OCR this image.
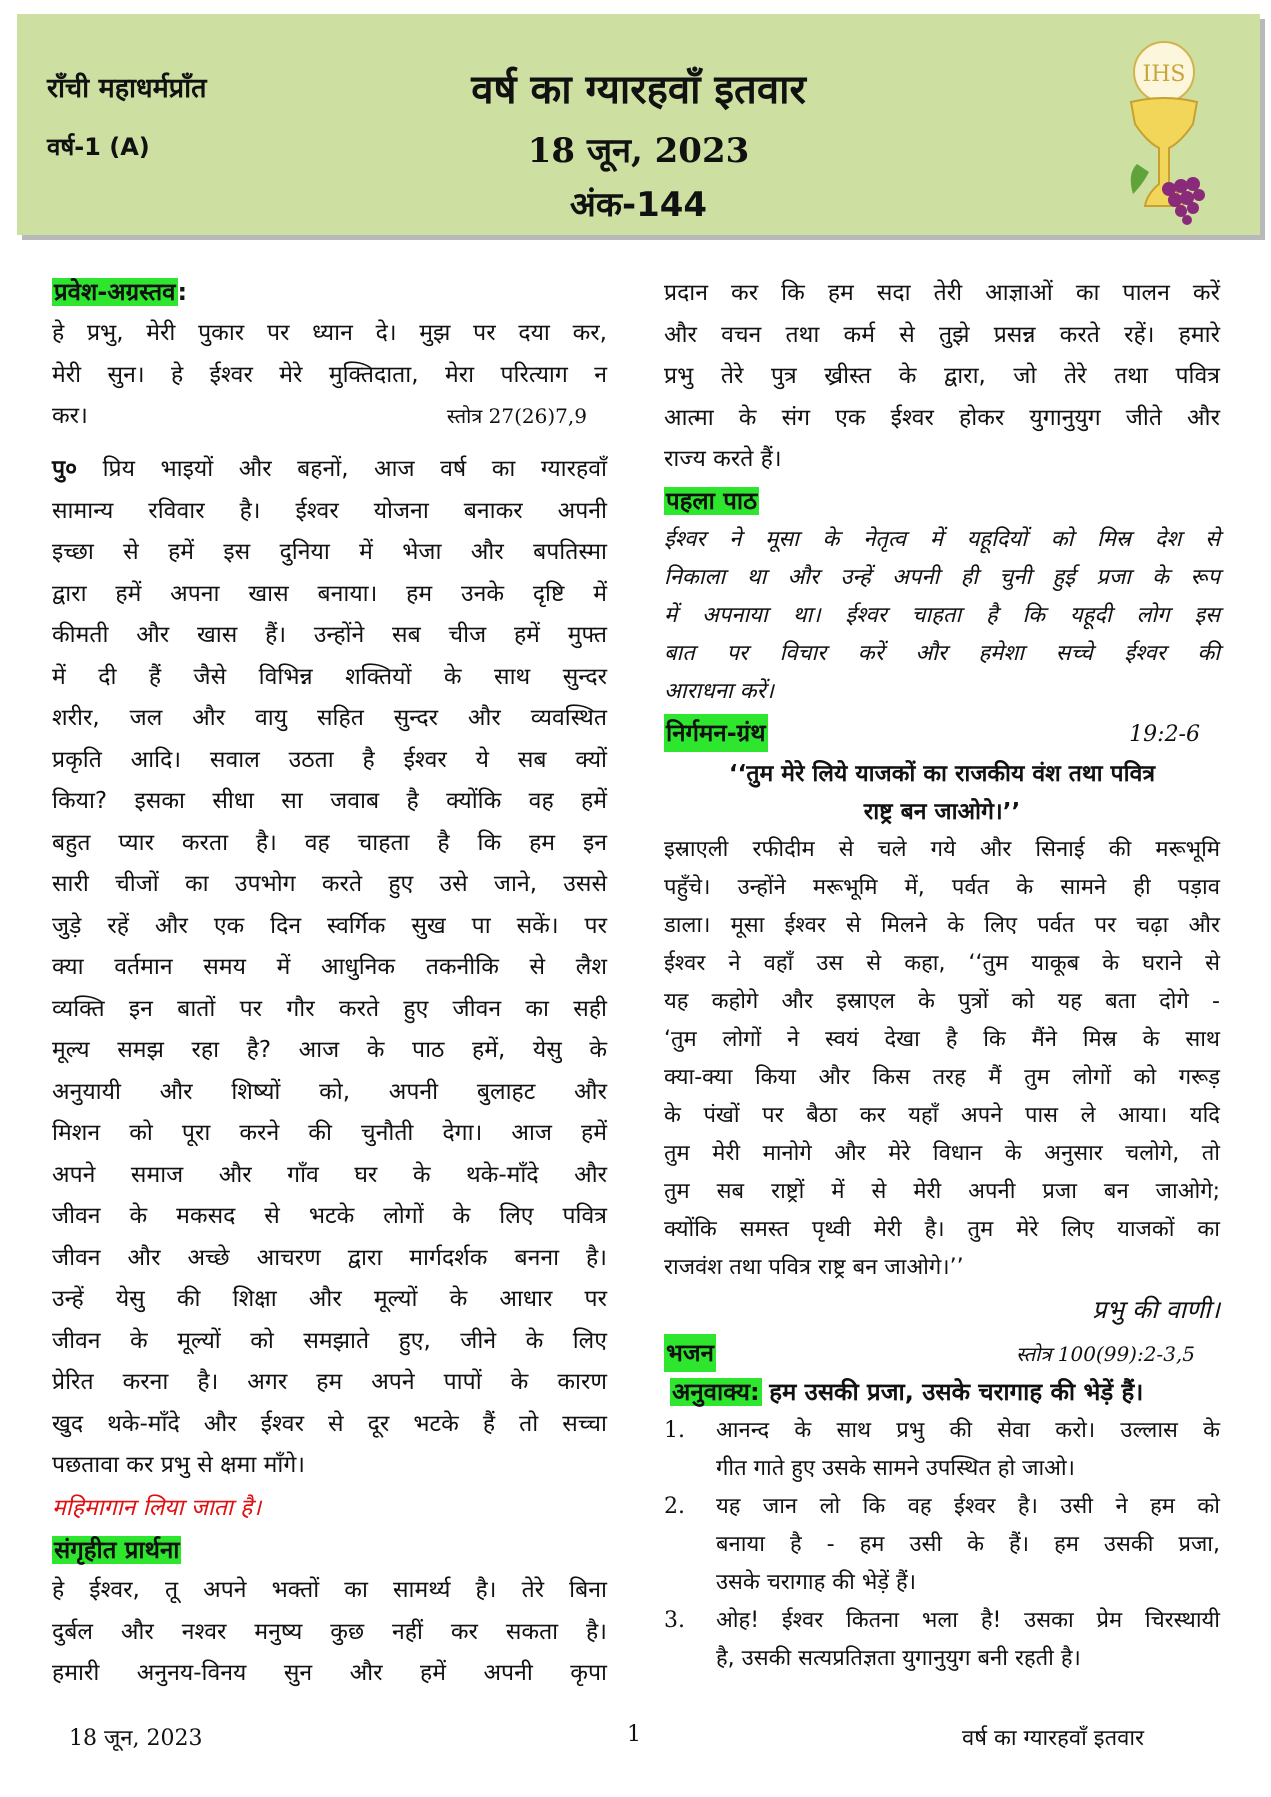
राँची महाधर्मप्राँत
वर्ष-1 (A)
वर्ष का ग्यारहवाँ इतवार
18 जून, 2023
अंक-144
IHS
प्रवेश-अग्रस्तव:
हे प्रभु, मेरी पुकार पर ध्यान दे। मुझ पर दया कर,
मेरी सुन। हे ईश्वर मेरे मुक्तिदाता, मेरा परित्याग न
कर।	स्तोत्र 27(26)7,9
पु० प्रिय भाइयों और बहनों, आज वर्ष का ग्यारहवाँ
सामान्य रविवार है। ईश्वर योजना बनाकर अपनी
इच्छा से हमें इस दुनिया में भेजा और बपतिस्मा
द्वारा हमें अपना खास बनाया। हम उनके दृष्टि में
कीमती और खास हैं। उन्होंने सब चीज हमें मुफ्त
में दी हैं जैसे विभिन्न शक्तियों के साथ सुन्दर
शरीर, जल और वायु सहित सुन्दर और व्यवस्थित
प्रकृति आदि। सवाल उठता है ईश्वर ये सब क्यों
किया? इसका सीधा सा जवाब है क्योंकि वह हमें
बहुत प्यार करता है। वह चाहता है कि हम इन
सारी चीजों का उपभोग करते हुए उसे जाने, उससे
जुड़े रहें और एक दिन स्वर्गिक सुख पा सकें। पर
क्या वर्तमान समय में आधुनिक तकनीकि से लैश
व्यक्ति इन बातों पर गौर करते हुए जीवन का सही
मूल्य समझ रहा है? आज के पाठ हमें, येसु के
अनुयायी और शिष्यों को, अपनी बुलाहट और
मिशन को पूरा करने की चुनौती देगा। आज हमें
अपने समाज और गाँव घर के थके-माँदे और
जीवन के मकसद से भटके लोगों के लिए पवित्र
जीवन और अच्छे आचरण द्वारा मार्गदर्शक बनना है।
उन्हें येसु की शिक्षा और मूल्यों के आधार पर
जीवन के मूल्यों को समझाते हुए, जीने के लिए
प्रेरित करना है। अगर हम अपने पापों के कारण
खुद थके-माँदे और ईश्वर से दूर भटके हैं तो सच्चा
पछतावा कर प्रभु से क्षमा माँगे।
महिमागान लिया जाता है।
संगृहीत प्रार्थना
हे ईश्वर, तू अपने भक्तों का सामर्थ्य है। तेरे बिना
दुर्बल और नश्वर मनुष्य कुछ नहीं कर सकता है।
हमारी अनुनय-विनय सुन और हमें अपनी कृपा
प्रदान कर कि हम सदा तेरी आज्ञाओं का पालन करें
और वचन तथा कर्म से तुझे प्रसन्न करते रहें। हमारे
प्रभु तेरे पुत्र ख्रीस्त के द्वारा, जो तेरे तथा पवित्र
आत्मा के संग एक ईश्वर होकर युगानुयुग जीते और
राज्य करते हैं।
पहला पाठ
ईश्वर ने मूसा के नेतृत्व में यहूदियों को मिस्र देश से
निकाला था और उन्हें अपनी ही चुनी हुई प्रजा के रूप
में अपनाया था। ईश्वर चाहता है कि यहूदी लोग इस
बात पर विचार करें और हमेशा सच्चे ईश्वर की
आराधना करें।
निर्गमन-ग्रंथ	19:2-6
‘‘तुम मेरे लिये याजकों का राजकीय वंश तथा पवित्र
राष्ट्र बन जाओगे।’’
इस्राएली रफीदीम से चले गये और सिनाई की मरूभूमि
पहुँचे। उन्होंने मरूभूमि में, पर्वत के सामने ही पड़ाव
डाला। मूसा ईश्वर से मिलने के लिए पर्वत पर चढ़ा और
ईश्वर ने वहाँ उस से कहा, ‘‘तुम याकूब के घराने से
यह कहोगे और इस्राएल के पुत्रों को यह बता दोगे -
‘तुम लोगों ने स्वयं देखा है कि मैंने मिस्र के साथ
क्या-क्या किया और किस तरह मैं तुम लोगों को गरूड़
के पंखों पर बैठा कर यहाँ अपने पास ले आया। यदि
तुम मेरी मानोगे और मेरे विधान के अनुसार चलोगे, तो
तुम सब राष्ट्रों में से मेरी अपनी प्रजा बन जाओगे;
क्योंकि समस्त पृथ्वी मेरी है। तुम मेरे लिए याजकों का
राजवंश तथा पवित्र राष्ट्र बन जाओगे।’’
प्रभु की वाणी।
भजन	स्तोत्र 100(99):2-3,5
अनुवाक्य: हम उसकी प्रजा, उसके चरागाह की भेड़ें हैं।
1.	आनन्द के साथ प्रभु की सेवा करो। उल्लास के
गीत गाते हुए उसके सामने उपस्थित हो जाओ।
2.	यह जान लो कि वह ईश्वर है। उसी ने हम को
बनाया है - हम उसी के हैं। हम उसकी प्रजा,
उसके चरागाह की भेड़ें हैं।
3.	ओह! ईश्वर कितना भला है! उसका प्रेम चिरस्थायी
है, उसकी सत्यप्रतिज्ञता युगानुयुग बनी रहती है।
18 जून, 2023	1	वर्ष का ग्यारहवाँ इतवार
